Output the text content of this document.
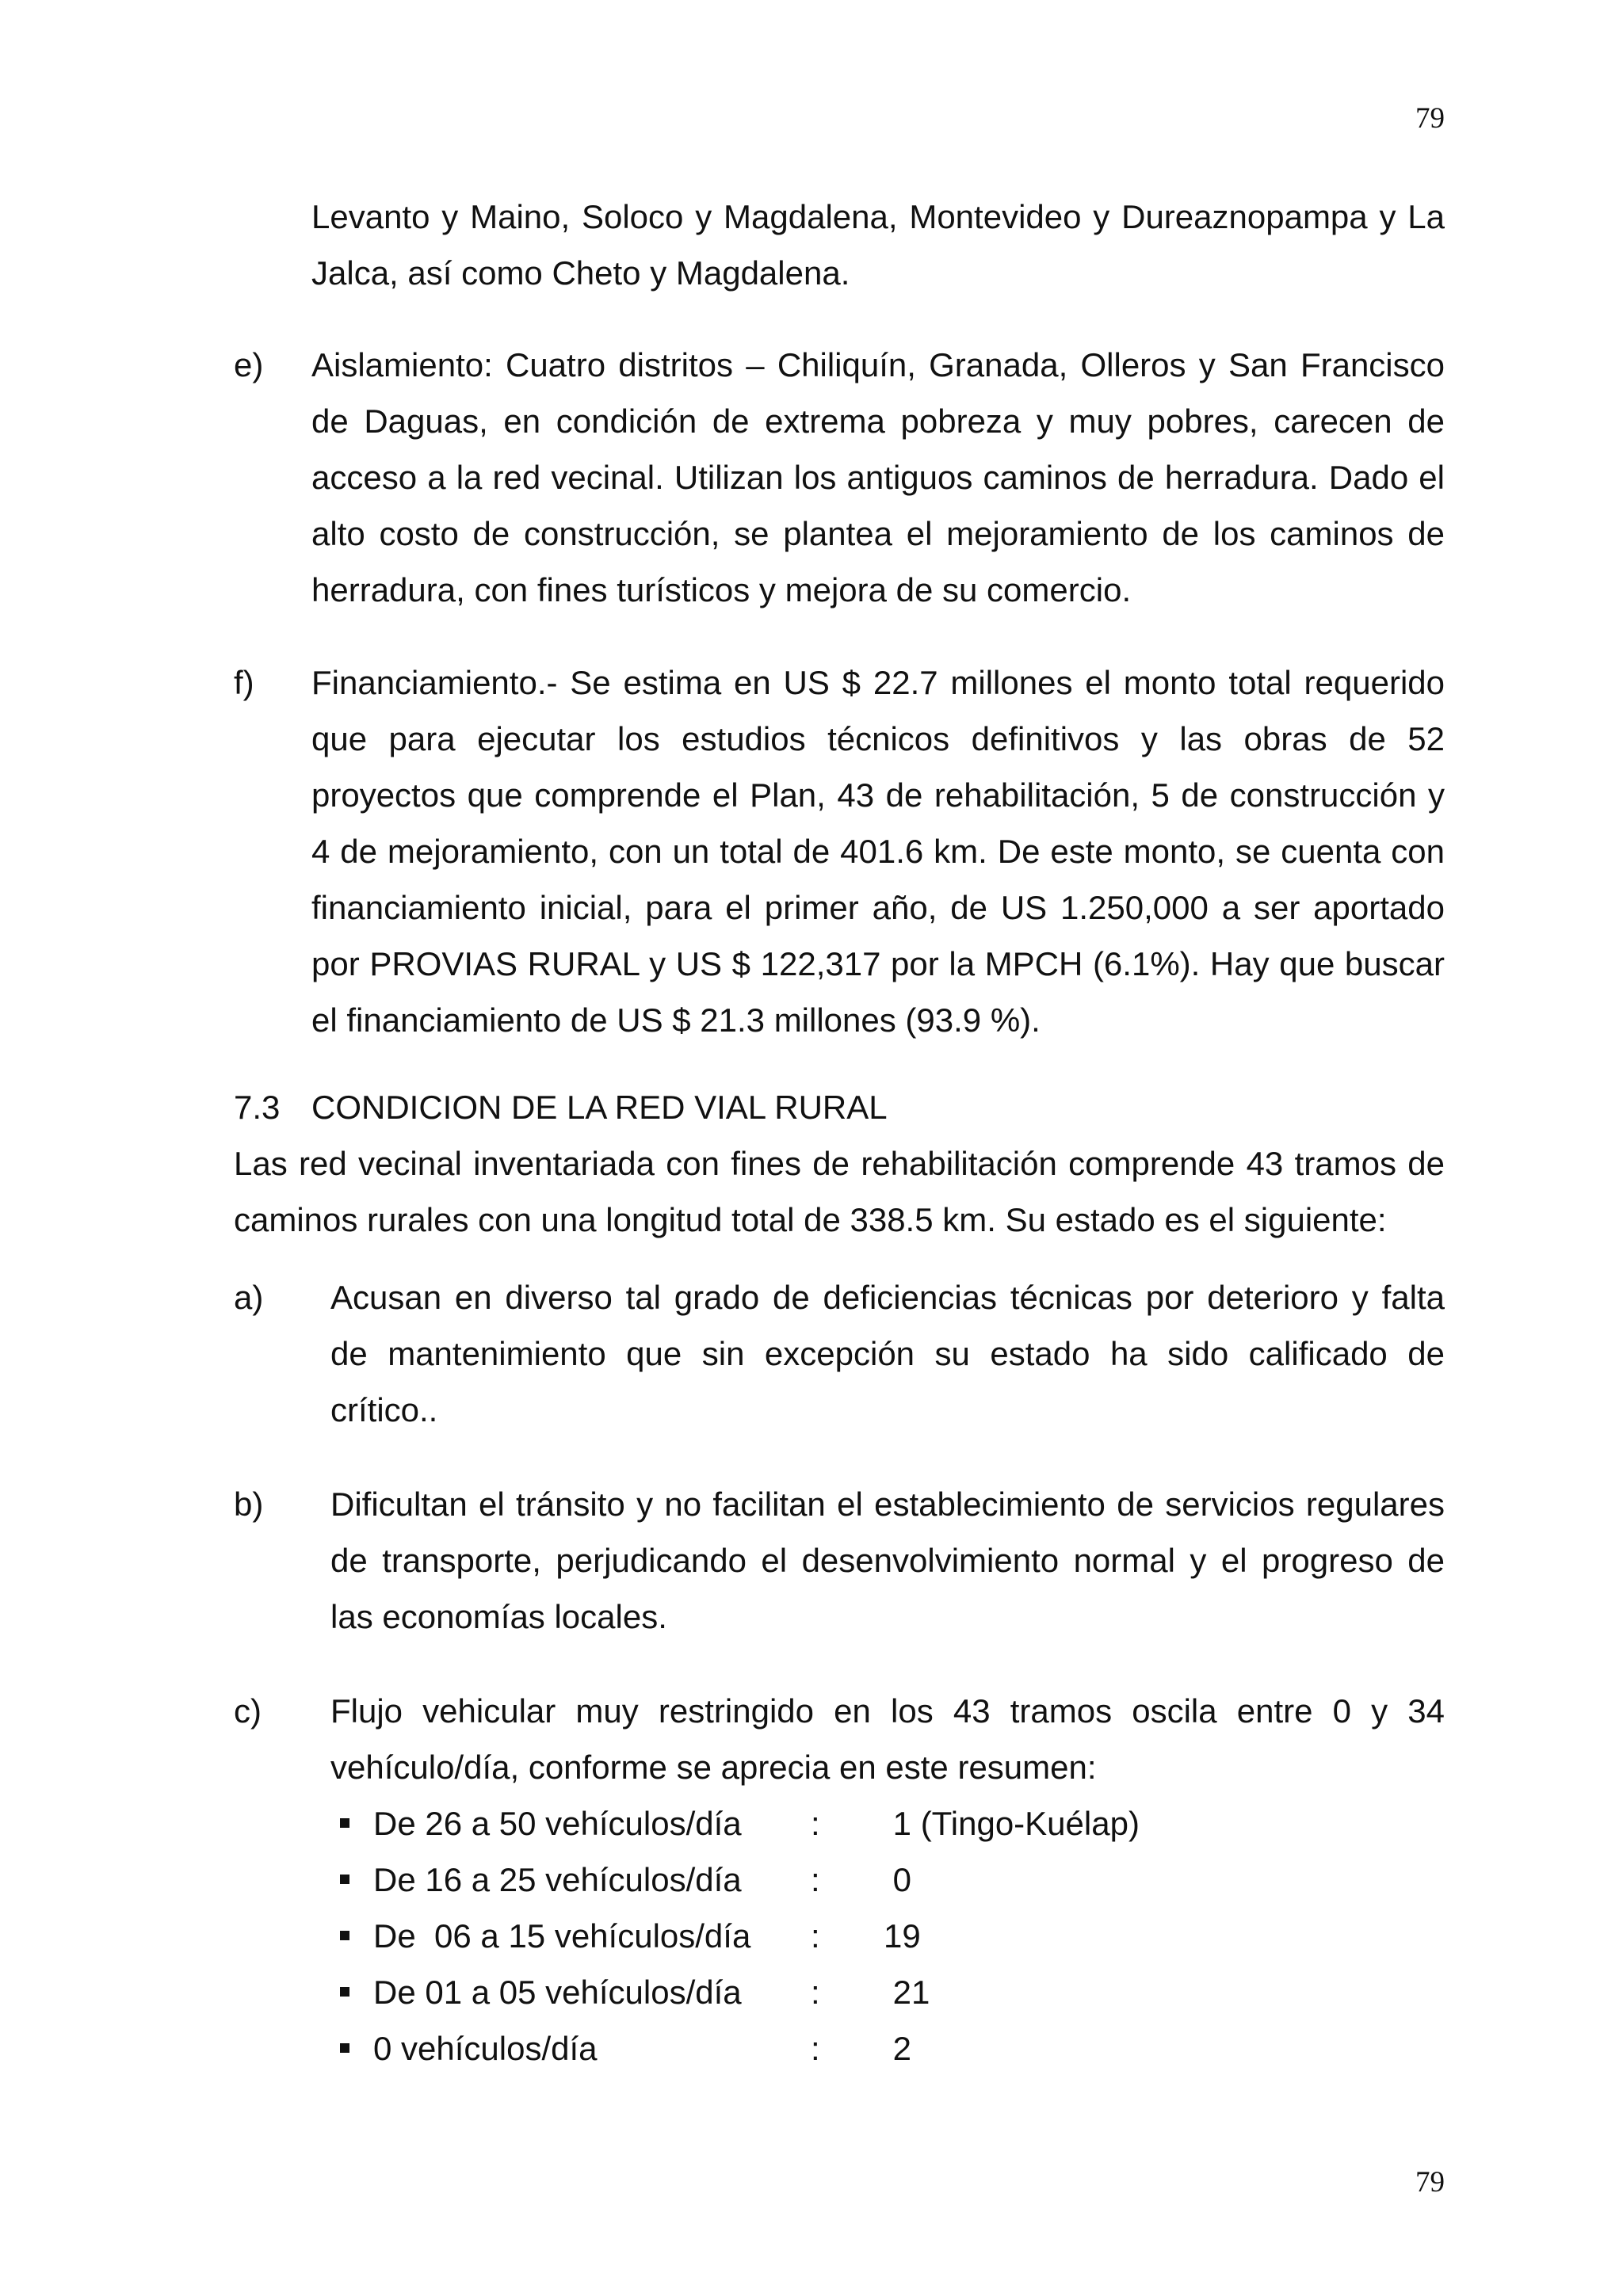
79

Levanto y Maino, Soloco y Magdalena, Montevideo y Dureaznopampa y La Jalca, así como Cheto y Magdalena.

e)	Aislamiento: Cuatro distritos – Chiliquín, Granada, Olleros y San Francisco de Daguas, en condición de extrema pobreza y muy pobres, carecen de acceso a la red vecinal. Utilizan los antiguos caminos de herradura. Dado el alto costo de construcción, se plantea el mejoramiento de los caminos de herradura, con fines turísticos y mejora de su comercio.
f)	Financiamiento.- Se estima en US $ 22.7 millones el monto total requerido que para ejecutar los estudios técnicos definitivos y las obras de 52 proyectos que comprende el Plan, 43 de rehabilitación, 5 de construcción y 4 de mejoramiento, con un total de 401.6 km. De este monto, se cuenta con financiamiento inicial, para el primer año, de US 1.250,000 a ser aportado por PROVIAS RURAL y US $ 122,317 por la MPCH (6.1%). Hay que buscar el financiamiento de US $ 21.3 millones (93.9 %).
7.3 CONDICION DE LA RED VIAL RURAL

Las red vecinal inventariada con fines de rehabilitación comprende 43 tramos de caminos rurales con una longitud total de 338.5 km. Su estado es el siguiente:

a)	Acusan en diverso tal grado de deficiencias técnicas por deterioro y falta de mantenimiento que sin excepción su estado ha sido calificado de crítico..
b)	Dificultan el tránsito y no facilitan el establecimiento de servicios regulares de transporte, perjudicando el desenvolvimiento normal y el progreso de las economías locales.
c)	Flujo vehicular muy restringido en los 43 tramos oscila entre 0 y 34 vehículo/día, conforme se aprecia en este resumen:
De 26 a 50 vehículos/día	:	1 (Tingo-Kuélap)
De 16 a 25 vehículos/día	:	0
De  06 a 15 vehículos/día	:	19
De 01 a 05 vehículos/día	:	21
0 vehículos/día	:	2
79
